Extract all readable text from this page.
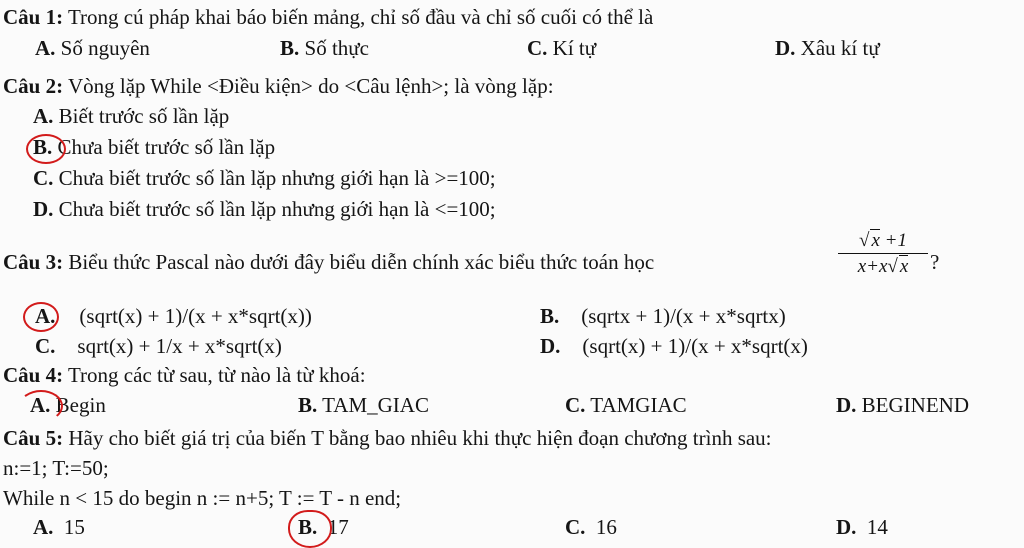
Câu 1: Trong cú pháp khai báo biến mảng, chỉ số đầu và chỉ số cuối có thể là
A. Số nguyên	B. Số thực	C. Kí tự	D. Xâu kí tự
Câu 2: Vòng lặp While <Điều kiện> do <Câu lệnh>; là vòng lặp:
A. Biết trước số lần lặp
B. Chưa biết trước số lần lặp
C. Chưa biết trước số lần lặp nhưng giới hạn là >=100;
D. Chưa biết trước số lần lặp nhưng giới hạn là <=100;
Câu 3: Biểu thức Pascal nào dưới đây biểu diễn chính xác biểu thức toán học
√ x +1
x+x√ x	?
A. (sqrt(x) + 1)/(x + x*sqrt(x))	B. (sqrtx + 1)/(x + x*sqrtx)
C. sqrt(x) + 1/x + x*sqrt(x)	D. (sqrt(x) + 1)/(x + x*sqrt(x)
Câu 4: Trong các từ sau, từ nào là từ khoá:
A. Begin	B. TAM_GIAC	C. TAMGIAC	D. BEGINEND
Câu 5: Hãy cho biết giá trị của biến T bằng bao nhiêu khi thực hiện đoạn chương trình sau:
n:=1; T:=50;
While n < 15 do begin n := n+5; T := T - n end;
A. 15	B. 17	C. 16	D. 14
